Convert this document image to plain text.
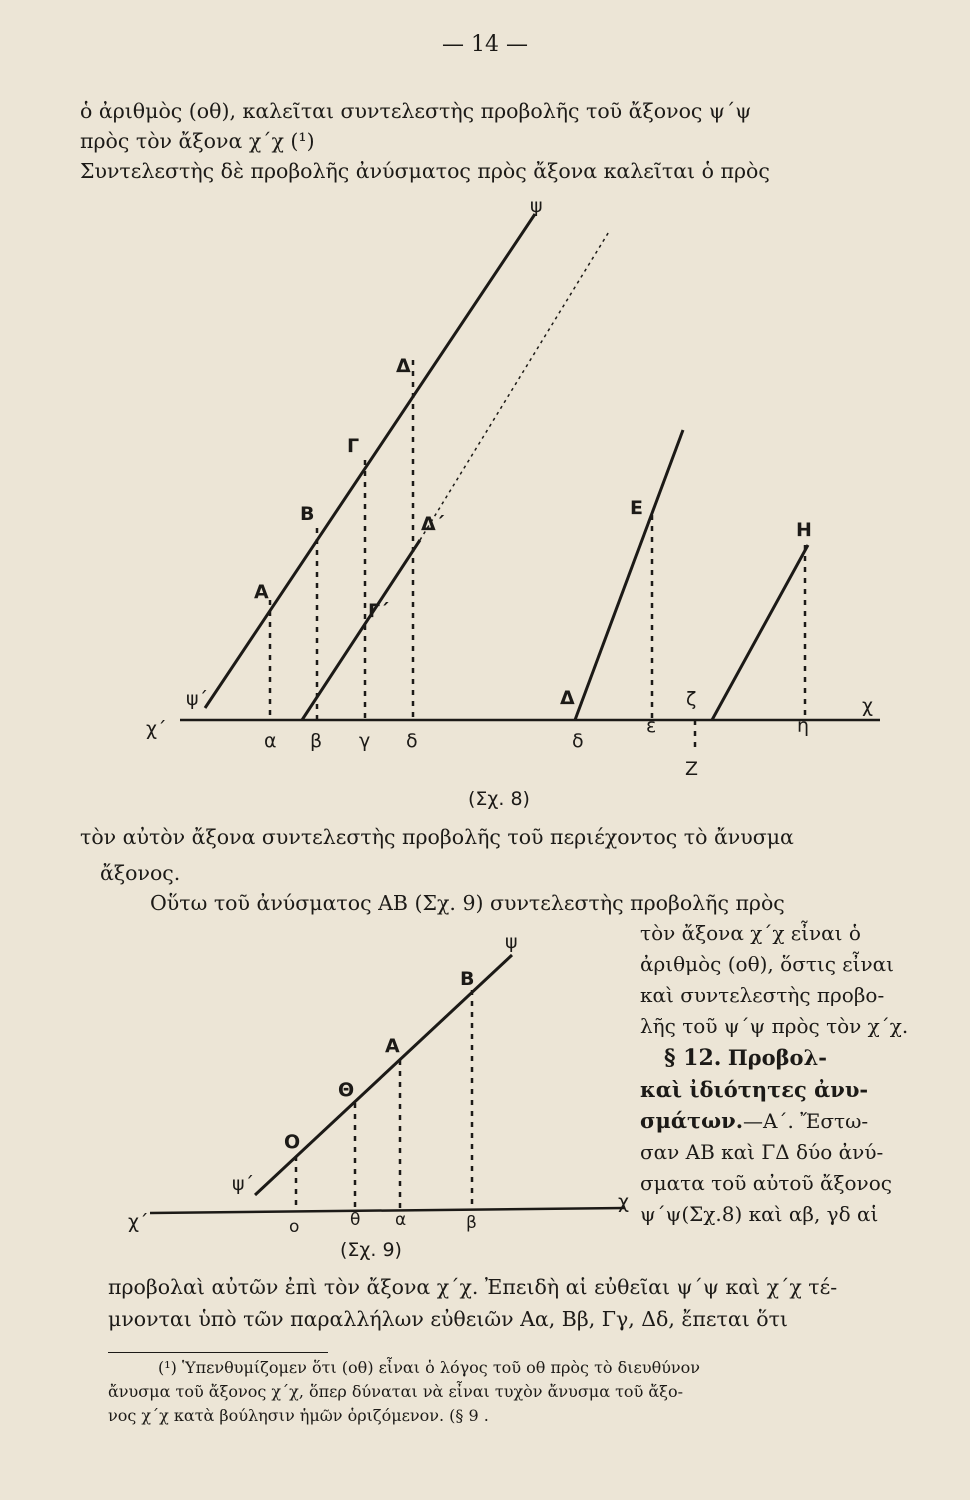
— 14 —
ὁ ἀριθμὸς (οθ), καλεῖται συντελεστὴς προβολῆς τοῦ ἄξονος ψ΄ψ
πρὸς τὸν ἄξονα χ΄χ (¹)
Συντελεστὴς δὲ προβολῆς ἀνύσματος πρὸς ἄξονα καλεῖται ὁ πρὸς
ψ
ψ΄
χ΄
χ
Α
Β
Γ
Δ
Γ΄
Δ΄
Ε
Δ
Η
ζ
Ζ
α β γ δ	δ
ε	η
(Σχ. 8)
τὸν αὐτὸν ἄξονα συντελεστὴς προβολῆς τοῦ περιέχοντος τὸ ἄνυσμα
ἄξονος.
Οὕτω τοῦ ἀνύσματος ΑΒ (Σχ. 9) συντελεστὴς προβολῆς πρὸς
ψ
ψ΄
χ΄
χ
Β
Α
Θ
Ο
ο	θ α	β
(Σχ. 9)
τὸν ἄξονα χ΄χ εἶναι ὁ
ἀριθμὸς (οθ), ὅστις εἶναι
καὶ συντελεστὴς προβο-
λῆς τοῦ ψ΄ψ πρὸς τὸν χ΄χ.
§ 12. Προβολ-
καὶ ἰδιότητες ἀνυ-
σμάτων.—Α΄. Ἔστω-
σαν ΑΒ καὶ ΓΔ δύο ἀνύ-
σματα τοῦ αὐτοῦ ἄξονος
ψ΄ψ(Σχ.8) καὶ αβ, γδ αἱ
προβολαὶ αὐτῶν ἐπὶ τὸν ἄξονα χ΄χ. Ἐπειδὴ αἱ εὐθεῖαι ψ΄ψ καὶ χ΄χ τέ-
μνονται ὑπὸ τῶν παραλλήλων εὐθειῶν Αα, Ββ, Γγ, Δδ, ἔπεται ὅτι
(¹) Ὑπενθυμίζομεν ὅτι (οθ) εἶναι ὁ λόγος τοῦ οθ πρὸς τὸ διευθύνον
ἄνυσμα τοῦ ἄξονος χ΄χ, ὅπερ δύναται νὰ εἶναι τυχὸν ἄνυσμα τοῦ ἄξο-
νος χ΄χ κατὰ βούλησιν ἡμῶν ὁριζόμενον. (§ 9 .
